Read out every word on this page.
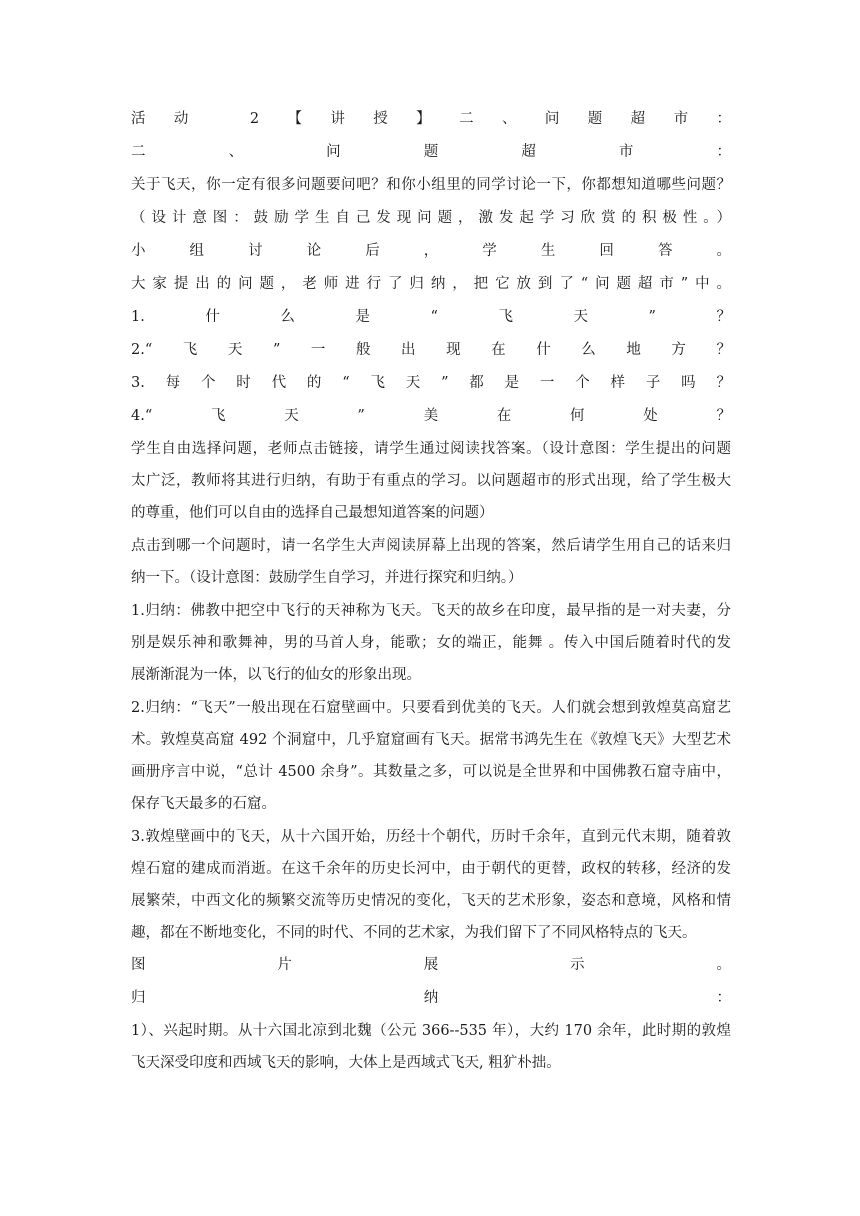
活动 2【讲授】二、问题超市：
二、问题超市：
关于飞天，你一定有很多问题要问吧？和你小组里的同学讨论一下，你都想知道哪些问题？
（设计意图：鼓励学生自己发现问题，激发起学习欣赏的积极性。）
小组讨论后，学生回答。
大家提出的问题，老师进行了归纳，把它放到了“问题超市”中。
1.什么是“飞天”？
2.“飞天”一般出现在什么地方？
3.每个时代的“飞天”都是一个样子吗？
4.“飞天”美在何处？
学生自由选择问题，老师点击链接，请学生通过阅读找答案。（设计意图：学生提出的问题
太广泛，教师将其进行归纳，有助于有重点的学习。以问题超市的形式出现，给了学生极大
的尊重，他们可以自由的选择自己最想知道答案的问题）
点击到哪一个问题时，请一名学生大声阅读屏幕上出现的答案，然后请学生用自己的话来归
纳一下。（设计意图：鼓励学生自学习，并进行探究和归纳。）
1.归纳：佛教中把空中飞行的天神称为飞天。飞天的故乡在印度，最早指的是一对夫妻，分
别是娱乐神和歌舞神，男的马首人身，能歌；女的端正，能舞 。传入中国后随着时代的发
展渐渐混为一体，以飞行的仙女的形象出现。
2.归纳：“飞天”一般出现在石窟壁画中。只要看到优美的飞天。人们就会想到敦煌莫高窟艺
术。敦煌莫高窟 492 个洞窟中，几乎窟窟画有飞天。据常书鸿先生在《敦煌飞天》大型艺术
画册序言中说，“总计 4500 余身”。其数量之多，可以说是全世界和中国佛教石窟寺庙中，
保存飞天最多的石窟。
3.敦煌壁画中的飞天，从十六国开始，历经十个朝代，历时千余年，直到元代末期，随着敦
煌石窟的建成而消逝。在这千余年的历史长河中，由于朝代的更替，政权的转移，经济的发
展繁荣，中西文化的频繁交流等历史情况的变化，飞天的艺术形象，姿态和意境，风格和情
趣，都在不断地变化，不同的时代、不同的艺术家，为我们留下了不同风格特点的飞天。
图片展示。
归纳：
1）、兴起时期。从十六国北凉到北魏（公元 366--535 年），大约 170 余年，此时期的敦煌
飞天深受印度和西域飞天的影响，大体上是西域式飞天, 粗犷朴拙。
